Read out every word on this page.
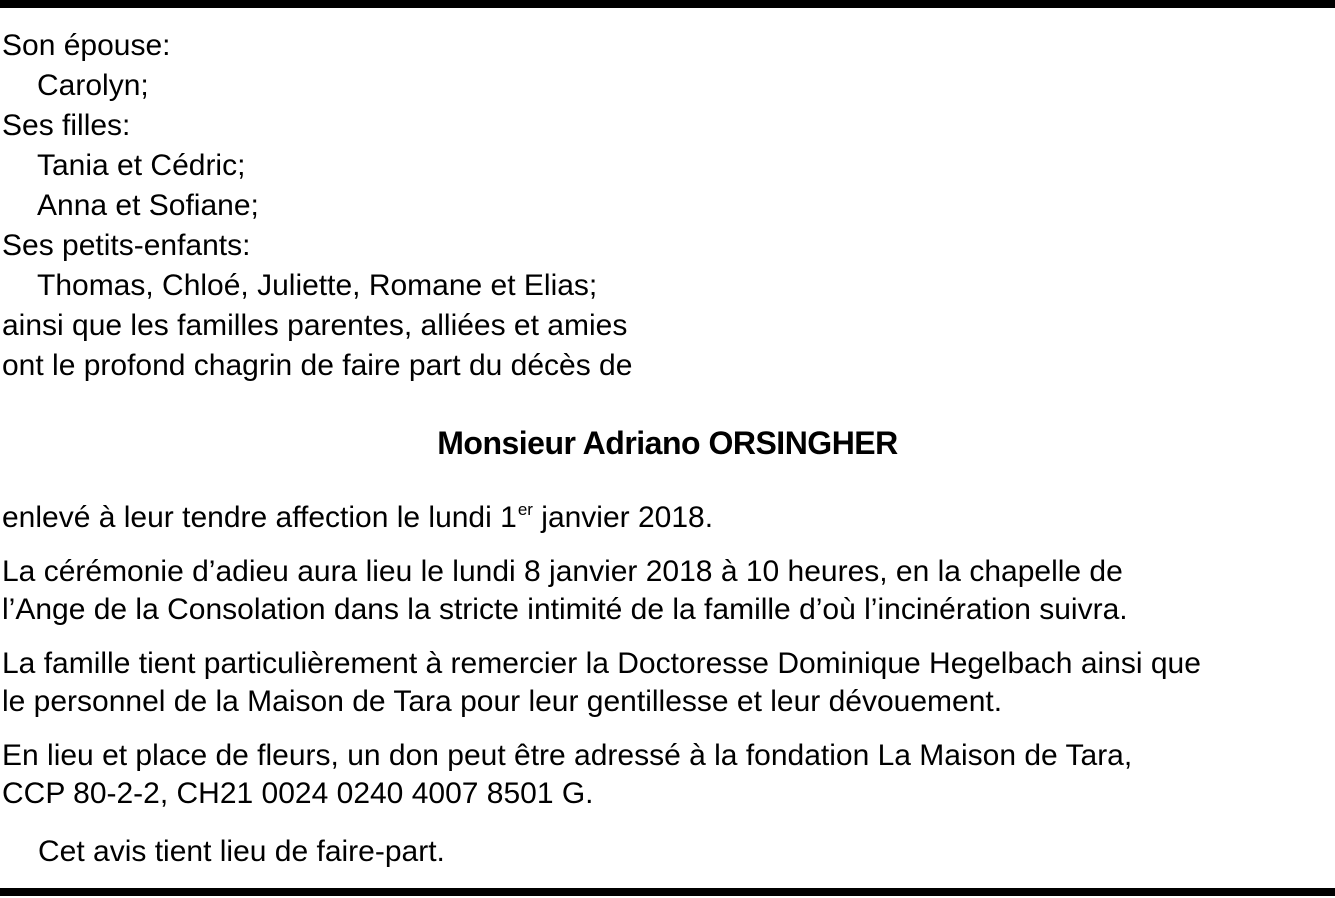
Son épouse:
Carolyn;
Ses filles:
Tania et Cédric;
Anna et Sofiane;
Ses petits-enfants:
Thomas, Chloé, Juliette, Romane et Elias;
ainsi que les familles parentes, alliées et amies
ont le profond chagrin de faire part du décès de
Monsieur Adriano ORSINGHER
enlevé à leur tendre affection le lundi 1er janvier 2018.
La cérémonie d’adieu aura lieu le lundi 8 janvier 2018 à 10 heures, en la chapelle de
l’Ange de la Consolation dans la stricte intimité de la famille d’où l’incinération suivra.
La famille tient particulièrement à remercier la Doctoresse Dominique Hegelbach ainsi que
le personnel de la Maison de Tara pour leur gentillesse et leur dévouement.
En lieu et place de fleurs, un don peut être adressé à la fondation La Maison de Tara,
CCP 80-2-2, CH21 0024 0240 4007 8501 G.
Cet avis tient lieu de faire-part.
